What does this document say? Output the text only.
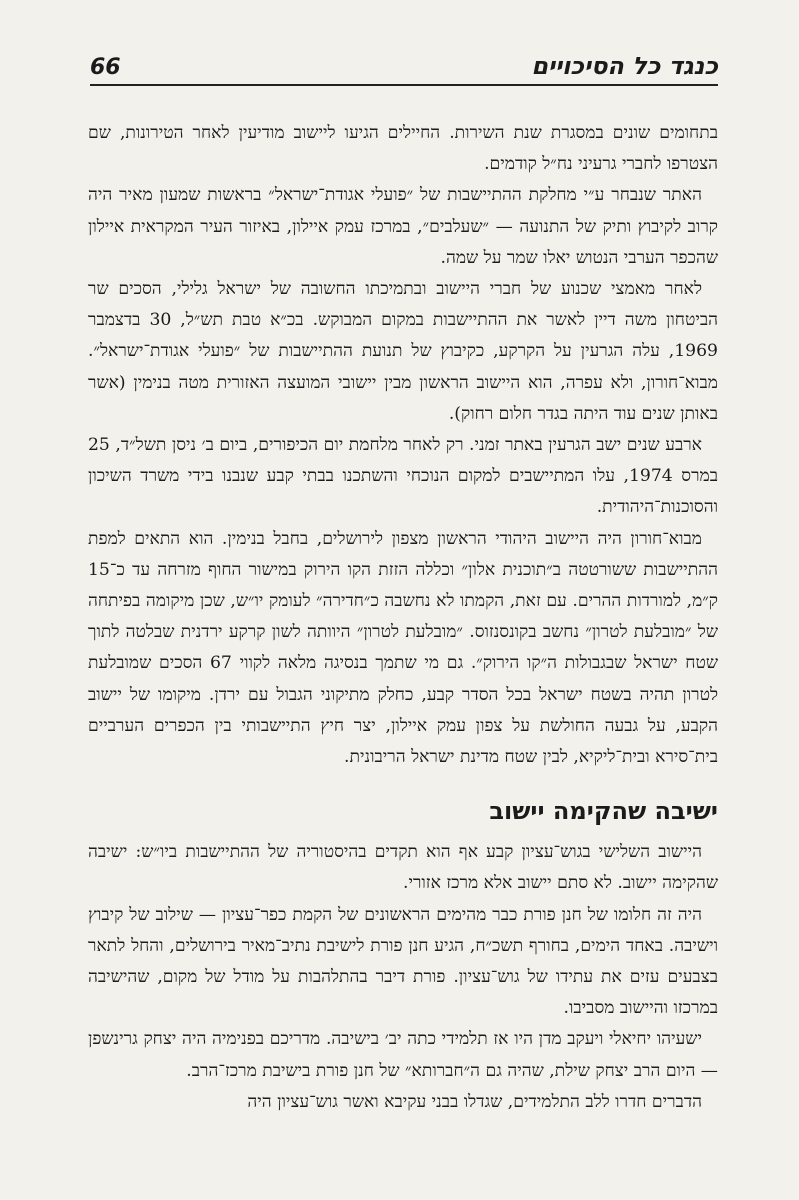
66	כנגד כל הסיכויים

בתחומים שונים במסגרת שנת השירות. החיילים הגיעו ליישוב מודיעין לאחר הטירונות, שם הצטרפו לחברי גרעיני נח״ל קודמים.

האתר שנבחר ע״י מחלקת ההתיישבות של ״פועלי אגודת־ישראל״ בראשות שמעון מאיר היה קרוב לקיבוץ ותיק של התנועה — ״שעלבים״, במרכז עמק איילון, באיזור העיר המקראית איילון שהכפר הערבי הנטוש יאלו שמר על שמה.

לאחר מאמצי שכנוע של חברי היישוב ובתמיכתו החשובה של ישראל גלילי, הסכים שר הביטחון משה דיין לאשר את ההתיישבות במקום המבוקש. בכ״א טבת תש״ל, 30 בדצמבר 1969, עלה הגרעין על הקרקע, כקיבוץ של תנועת ההתיישבות של ״פועלי אגודת־ישראל״. מבוא־חורון, ולא עפרה, הוא היישוב הראשון מבין יישובי המועצה האזורית מטה בנימין (אשר באותן שנים עוד היתה בגדר חלום רחוק).

ארבע שנים ישב הגרעין באתר זמני. רק לאחר מלחמת יום הכיפורים, ביום ב׳ ניסן תשל״ד, 25 במרס 1974, עלו המתיישבים למקום הנוכחי והשתכנו בבתי קבע שנבנו בידי משרד השיכון והסוכנות־היהודית.

מבוא־חורון היה היישוב היהודי הראשון מצפון לירושלים, בחבל בנימין. הוא התאים למפת ההתיישבות ששורטטה ב״תוכנית אלון״ וכללה הזזת הקו הירוק במישור החוף מזרחה עד כ־15 ק״מ, למורדות ההרים. עם זאת, הקמתו לא נחשבה כ״חדירה״ לעומק יו״ש, שכן מיקומה בפיתחה של ״מובלעת לטרון״ נחשב בקונסנזוס. ״מובלעת לטרון״ היוותה לשון קרקע ירדנית שבלטה לתוך שטח ישראל שבגבולות ה״קו הירוק״. גם מי שתמך בנסיגה מלאה לקווי 67 הסכים שמובלעת לטרון תהיה בשטח ישראל בכל הסדר קבע, כחלק מתיקוני הגבול עם ירדן. מיקומו של יישוב הקבע, על גבעה החולשת על צפון עמק איילון, יצר חיץ התיישבותי בין הכפרים הערביים בית־סירא ובית־ליקיא, לבין שטח מדינת ישראל הריבונית.

ישיבה שהקימה יישוב

היישוב השלישי בגוש־עציון קבע אף הוא תקדים בהיסטוריה של ההתיישבות ביו״ש: ישיבה שהקימה יישוב. לא סתם יישוב אלא מרכז אזורי.

היה זה חלומו של חנן פורת כבר מהימים הראשונים של הקמת כפר־עציון — שילוב של קיבוץ וישיבה. באחד הימים, בחורף תשכ״ח, הגיע חנן פורת לישיבת נתיב־מאיר בירושלים, והחל לתאר בצבעים עזים את עתידו של גוש־עציון. פורת דיבר בהתלהבות על מודל של מקום, שהישיבה במרכזו והיישוב מסביבו.

ישעיהו יחיאלי ויעקב מדן היו אז תלמידי כתה יב׳ בישיבה. מדריכם בפנימיה היה יצחק גרינשפן — היום הרב יצחק שילת, שהיה גם ה״חברותא״ של חנן פורת בישיבת מרכז־הרב.

הדברים חדרו ללב התלמידים, שגדלו בבני עקיבא ואשר גוש־עציון היה
